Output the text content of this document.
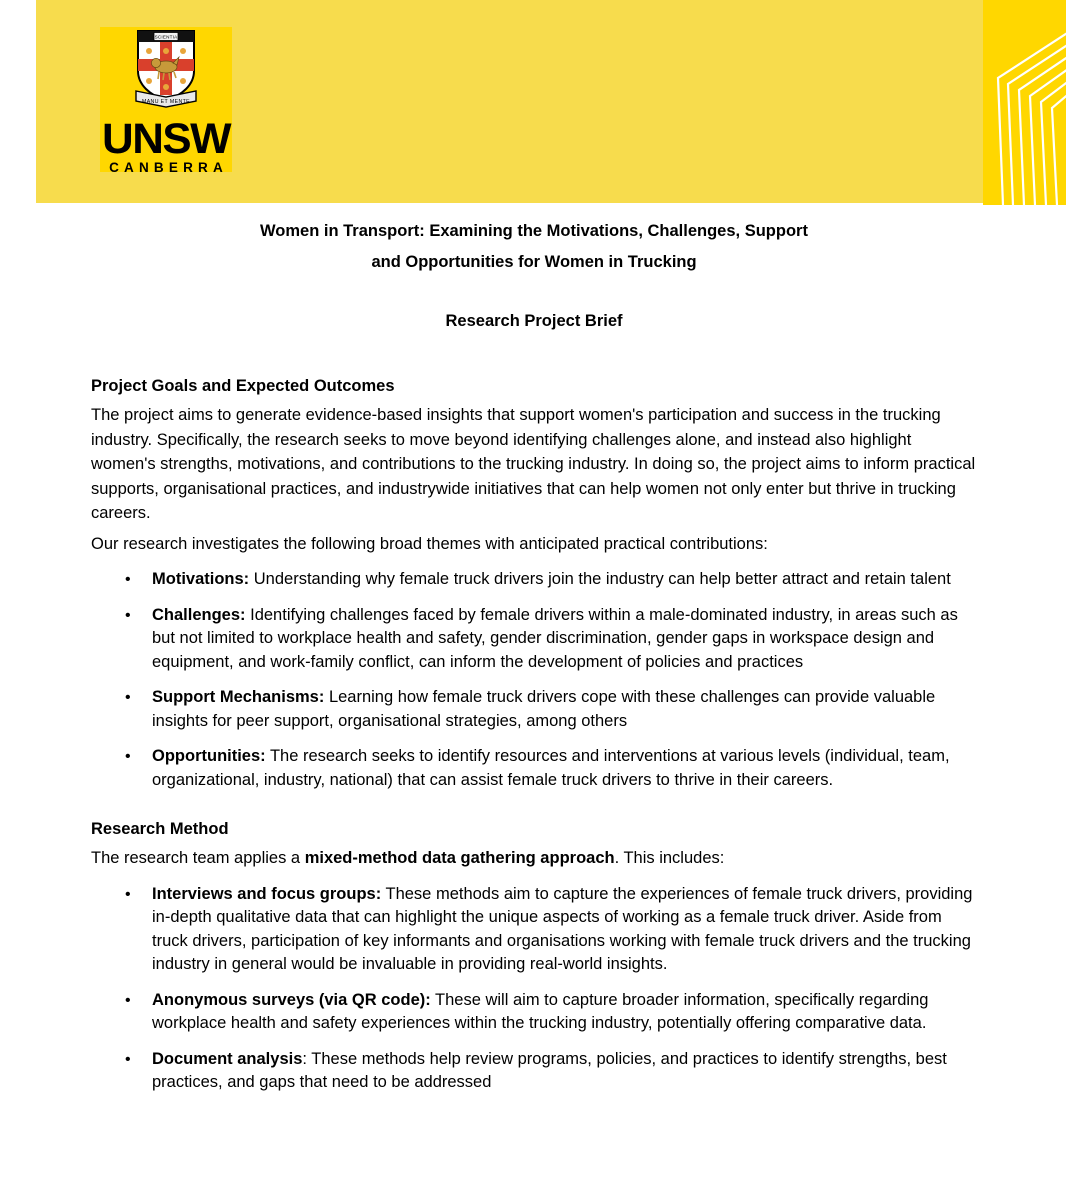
SCIENTIA
MANU ET MENTE
UNSW
CANBERRA
Women in Transport: Examining the Motivations, Challenges, Support
and Opportunities for Women in Trucking
Research Project Brief
Project Goals and Expected Outcomes

The project aims to generate evidence-based insights that support women's participation and success in the trucking industry. Specifically, the research seeks to move beyond identifying challenges alone, and instead also highlight women's strengths, motivations, and contributions to the trucking industry. In doing so, the project aims to inform practical supports, organisational practices, and industrywide initiatives that can help women not only enter but thrive in trucking careers.

Our research investigates the following broad themes with anticipated practical contributions:

• Motivations: Understanding why female truck drivers join the industry can help better attract and retain talent
• Challenges: Identifying challenges faced by female drivers within a male-dominated industry, in areas such as but not limited to workplace health and safety, gender discrimination, gender gaps in workspace design and equipment, and work-family conflict, can inform the development of policies and practices
• Support Mechanisms: Learning how female truck drivers cope with these challenges can provide valuable insights for peer support, organisational strategies, among others
• Opportunities: The research seeks to identify resources and interventions at various levels (individual, team, organizational, industry, national) that can assist female truck drivers to thrive in their careers.
Research Method

The research team applies a mixed-method data gathering approach. This includes:

• Interviews and focus groups: These methods aim to capture the experiences of female truck drivers, providing in-depth qualitative data that can highlight the unique aspects of working as a female truck driver. Aside from truck drivers, participation of key informants and organisations working with female truck drivers and the trucking industry in general would be invaluable in providing real-world insights.
• Anonymous surveys (via QR code): These will aim to capture broader information, specifically regarding workplace health and safety experiences within the trucking industry, potentially offering comparative data.
• Document analysis: These methods help review programs, policies, and practices to identify strengths, best practices, and gaps that need to be addressed
